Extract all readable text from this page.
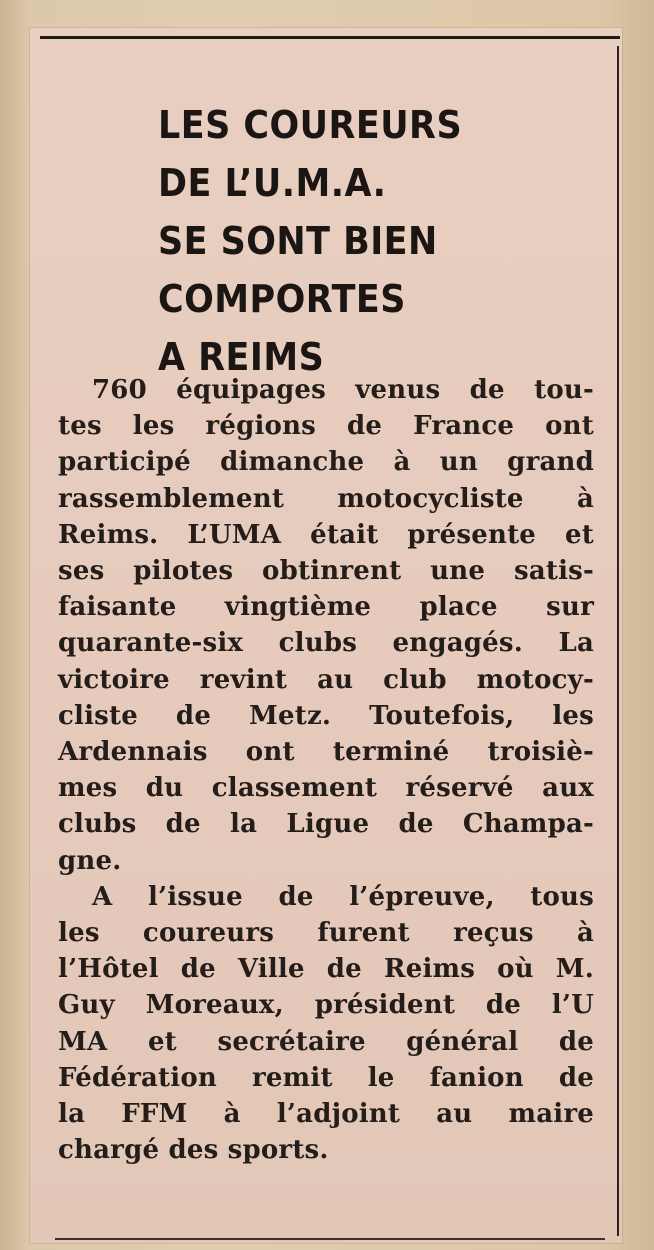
LES COUREURS
DE L’U.M.A.
SE SONT BIEN
COMPORTES
A REIMS

760 équipages venus de tou-
tes les régions de France ont
participé dimanche à un grand
rassemblement motocycliste à
Reims. L’UMA était présente et
ses pilotes obtinrent une satis-
faisante vingtième place sur
quarante-six clubs engagés. La
victoire revint au club motocy-
cliste de Metz. Toutefois, les
Ardennais ont terminé troisiè-
mes du classement réservé aux
clubs de la Ligue de Champa-
gne.

A l’issue de l’épreuve, tous
les coureurs furent reçus à
l’Hôtel de Ville de Reims où M.
Guy Moreaux, président de l’U
MA et secrétaire général de
Fédération remit le fanion de
la FFM à l’adjoint au maire
chargé des sports.
